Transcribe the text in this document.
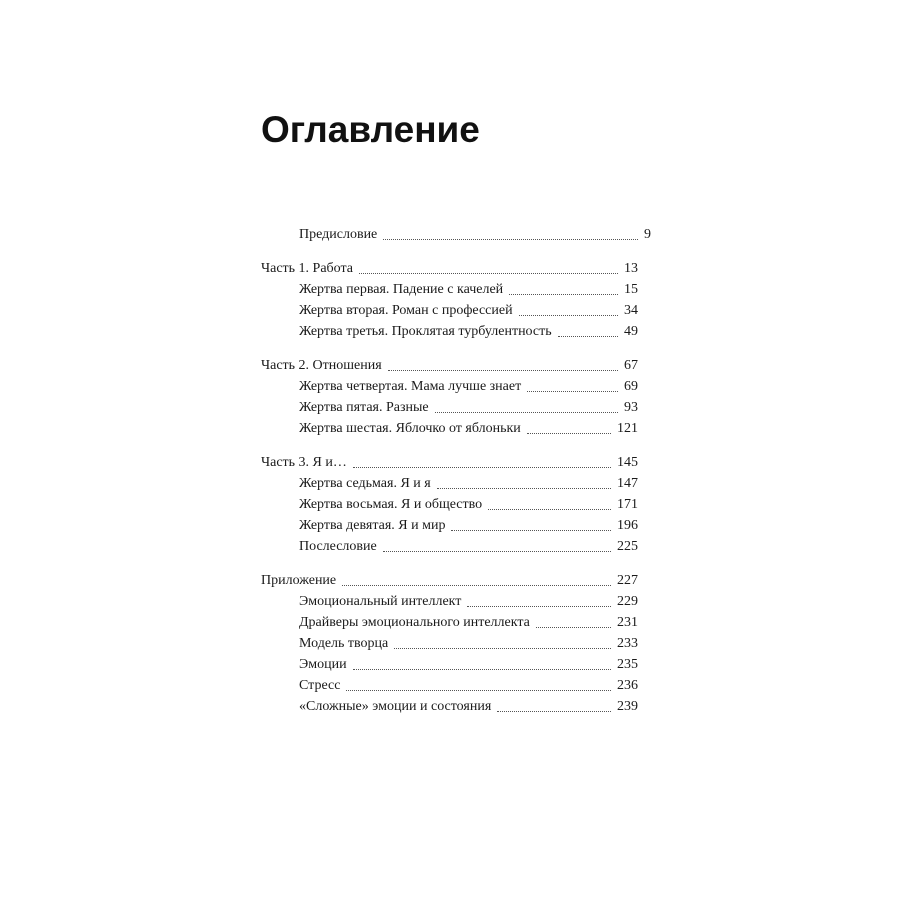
Оглавление
Предисловие	9
Часть 1. Работа	13
Жертва первая. Падение с качелей	15
Жертва вторая. Роман с профессией	34
Жертва третья. Проклятая турбулентность	49
Часть 2. Отношения	67
Жертва четвертая. Мама лучше знает	69
Жертва пятая. Разные	93
Жертва шестая. Яблочко от яблоньки	121
Часть 3. Я и…	145
Жертва седьмая. Я и я	147
Жертва восьмая. Я и общество	171
Жертва девятая. Я и мир	196
Послесловие	225
Приложение	227
Эмоциональный интеллект	229
Драйверы эмоционального интеллекта	231
Модель творца	233
Эмоции	235
Стресс	236
«Сложные» эмоции и состояния	239
